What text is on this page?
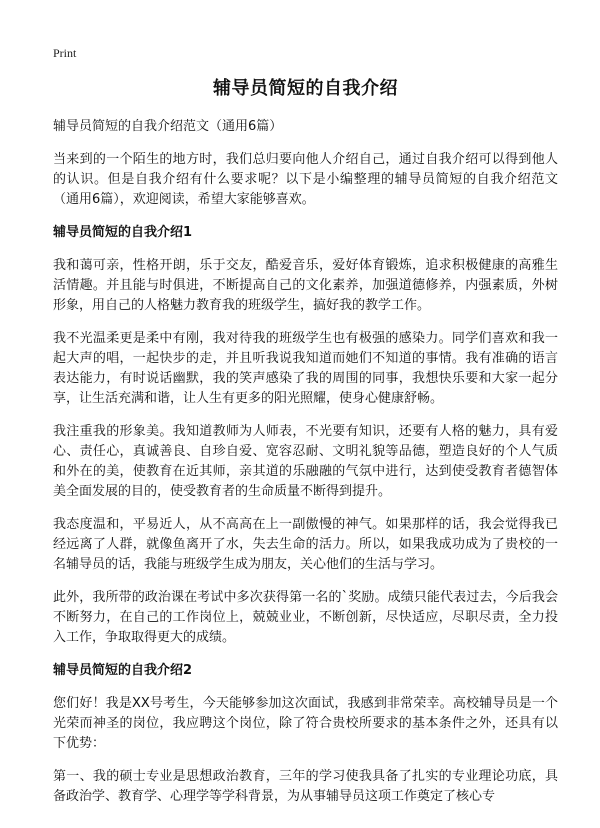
Print
辅导员简短的自我介绍

辅导员简短的自我介绍范文（通用6篇）

当来到的一个陌生的地方时，我们总归要向他人介绍自己，通过自我介绍可以得到他人的认识。但是自我介绍有什么要求呢？以下是小编整理的辅导员简短的自我介绍范文（通用6篇），欢迎阅读，希望大家能够喜欢。

辅导员简短的自我介绍1

我和蔼可亲，性格开朗，乐于交友，酷爱音乐，爱好体育锻炼，追求积极健康的高雅生活情趣。并且能与时俱进，不断提高自己的文化素养，加强道德修养，内强素质，外树形象，用自己的人格魅力教育我的班级学生，搞好我的教学工作。

我不光温柔更是柔中有刚，我对待我的班级学生也有极强的感染力。同学们喜欢和我一起大声的唱，一起快步的走，并且听我说我知道而她们不知道的事情。我有准确的语言表达能力，有时说话幽默，我的笑声感染了我的周围的同事，我想快乐要和大家一起分享，让生活充满和谐，让人生有更多的阳光照耀，使身心健康舒畅。

我注重我的形象美。我知道教师为人师表，不光要有知识，还要有人格的魅力，具有爱心、责任心，真诚善良、自珍自爱、宽容忍耐、文明礼貌等品德，塑造良好的个人气质和外在的美，使教育在近其师，亲其道的乐融融的气氛中进行，达到使受教育者德智体美全面发展的目的，使受教育者的生命质量不断得到提升。

我态度温和，平易近人，从不高高在上一副傲慢的神气。如果那样的话，我会觉得我已经远离了人群，就像鱼离开了水，失去生命的活力。所以，如果我成功成为了贵校的一名辅导员的话，我能与班级学生成为朋友，关心他们的生活与学习。

此外，我所带的政治课在考试中多次获得第一名的`奖励。成绩只能代表过去，今后我会不断努力，在自己的工作岗位上，兢兢业业，不断创新，尽快适应，尽职尽责，全力投入工作，争取取得更大的成绩。

辅导员简短的自我介绍2

您们好！我是XX号考生，今天能够参加这次面试，我感到非常荣幸。高校辅导员是一个光荣而神圣的岗位，我应聘这个岗位，除了符合贵校所要求的基本条件之外，还具有以下优势：

第一、我的硕士专业是思想政治教育，三年的学习使我具备了扎实的专业理论功底，具备政治学、教育学、心理学等学科背景，为从事辅导员这项工作奠定了核心专
